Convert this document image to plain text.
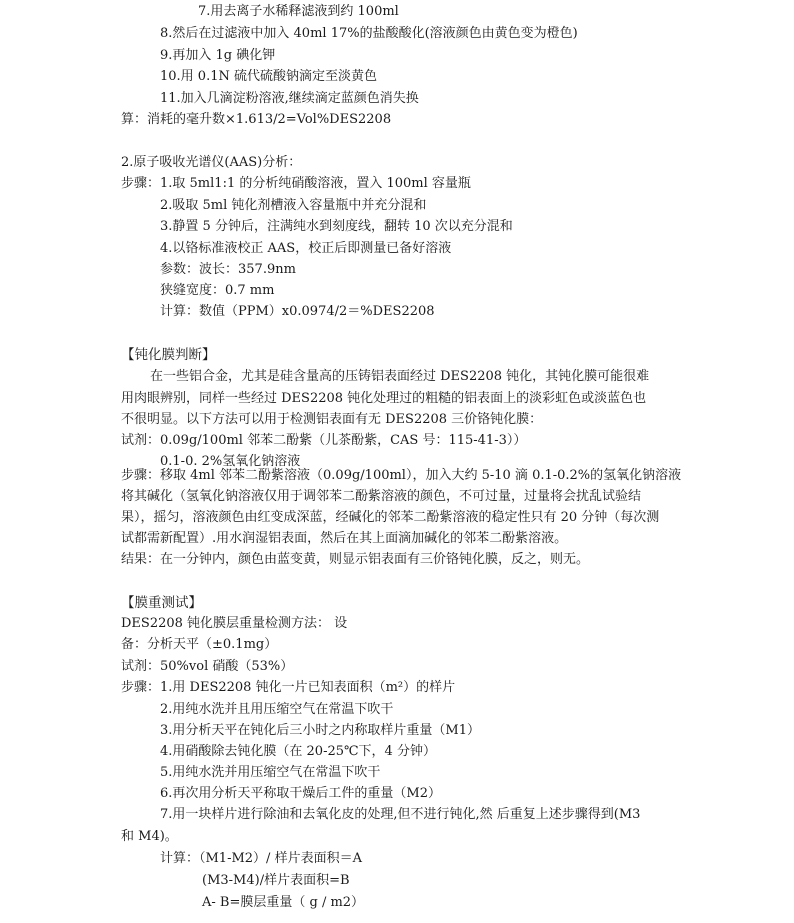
7.用去离子水稀释滤液到约 100ml
8.然后在过滤液中加入 40ml 17%的盐酸酸化(溶液颜色由黄色变为橙色)
9.再加入 1g 碘化钾
10.用 0.1N 硫代硫酸钠滴定至淡黄色
11.加入几滴淀粉溶液,继续滴定蓝颜色消失换
算：消耗的毫升数×1.613/2=Vol%DES2208
2.原子吸收光谱仪(AAS)分析：
步骤：1.取 5ml1:1 的分析纯硝酸溶液，置入 100ml 容量瓶
2.吸取 5ml 钝化剂槽液入容量瓶中并充分混和
3.静置 5 分钟后，注满纯水到刻度线，翻转 10 次以充分混和
4.以铬标准液校正 AAS，校正后即测量已备好溶液
参数：波长：357.9nm
狭缝宽度：0.7 mm
计算：数值（PPM）x0.0974/2＝%DES2208
【钝化膜判断】
在一些铝合金，尤其是硅含量高的压铸铝表面经过 DES2208 钝化，其钝化膜可能很难
用肉眼辨别，同样一些经过 DES2208 钝化处理过的粗糙的铝表面上的淡彩虹色或淡蓝色也
不很明显。以下方法可以用于检测铝表面有无 DES2208 三价铬钝化膜：
试剂：0.09g/100ml 邻苯二酚紫（儿茶酚紫，CAS 号：115-41-3））
0.1-0. 2%氢氧化钠溶液
步骤：移取 4ml 邻苯二酚紫溶液（0.09g/100ml），加入大约 5-10 滴 0.1-0.2%的氢氧化钠溶液
将其碱化（氢氧化钠溶液仅用于调邻苯二酚紫溶液的颜色，不可过量，过量将会扰乱试验结
果），摇匀，溶液颜色由红变成深蓝，经碱化的邻苯二酚紫溶液的稳定性只有 20 分钟（每次测
试都需新配置）.用水润湿铝表面，然后在其上面滴加碱化的邻苯二酚紫溶液。
结果：在一分钟内，颜色由蓝变黄，则显示铝表面有三价铬钝化膜，反之，则无。
【膜重测试】
DES2208 钝化膜层重量检测方法： 设
备：分析天平（±0.1mg）
试剂：50%vol 硝酸（53%）
步骤：1.用 DES2208 钝化一片已知表面积（m²）的样片
2.用纯水洗并且用压缩空气在常温下吹干
3.用分析天平在钝化后三小时之内称取样片重量（M1）
4.用硝酸除去钝化膜（在 20-25℃下，4 分钟）
5.用纯水洗并用压缩空气在常温下吹干
6.再次用分析天平称取干燥后工件的重量（M2）
7.用一块样片进行除油和去氧化皮的处理,但不进行钝化,然 后重复上述步骤得到(M3
和 M4)。
计算：（M1-M2）/ 样片表面积＝A
(M3-M4)/样片表面积=B
A- B=膜层重量（ g / m2）
